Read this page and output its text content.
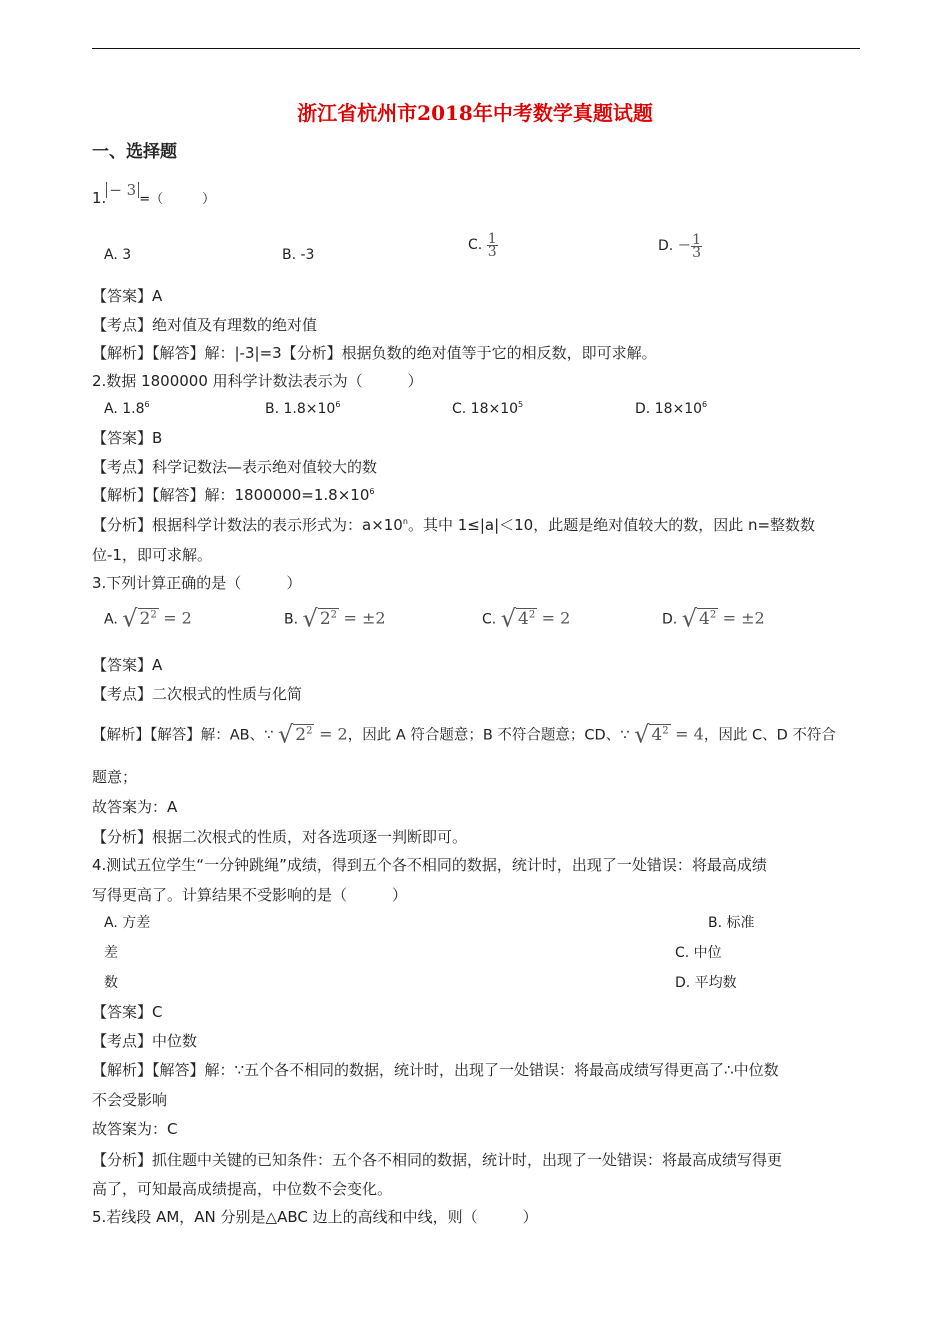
浙江省杭州市2018年中考数学真题试题
一、选择题
1. − 3=（　　　）
A. 3	B. -3
C. $\frac{1}{3}$	D. − $\frac{1}{3}$
【答案】A
【考点】绝对值及有理数的绝对值
【解析】【解答】解：|-3|=3【分析】根据负数的绝对值等于它的相反数，即可求解。
2.数据 1800000 用科学计数法表示为（　　　）
A. $1.8^6$	B. $1.8\times 10^6$	C. $18\times 10^5$	D. $18\times 10^6$
【答案】B
【考点】科学记数法—表示绝对值较大的数
【解析】【解答】解：$1800000=1.8\times 10^6$
【分析】根据科学计数法的表示形式为：$a\times 10^n$。其中 1≤|a|＜10，此题是绝对值较大的数，因此 n=整数数
位-1，即可求解。
3.下列计算正确的是（　　　）
A. √ $2^2 = 2$	B. √ $2^2 = \pm 2$	C. √ $4^2 = 2$	D. √ $4^2 = \pm 2$
【答案】A
【考点】二次根式的性质与化简
【解析】【解答】解：AB、∵ √ $2^2 = 2$，因此 A 符合题意；B 不符合题意；CD、∵ √ $4^2 = 4$，因此 C、D 不符合
题意；
故答案为：A
【分析】根据二次根式的性质，对各选项逐一判断即可。
4.测试五位学生“一分钟跳绳”成绩，得到五个各不相同的数据，统计时，出现了一处错误：将最高成绩
写得更高了。计算结果不受影响的是（　　　）
A. 方差	B. 标准
差	C. 中位
数	D. 平均数
【答案】C
【考点】中位数
【解析】【解答】解：∵五个各不相同的数据，统计时，出现了一处错误：将最高成绩写得更高了∴中位数
不会受影响
故答案为：C
【分析】抓住题中关键的已知条件：五个各不相同的数据，统计时，出现了一处错误：将最高成绩写得更
高了，可知最高成绩提高，中位数不会变化。
5.若线段 AM，AN 分别是△ABC 边上的高线和中线，则（　　　）
